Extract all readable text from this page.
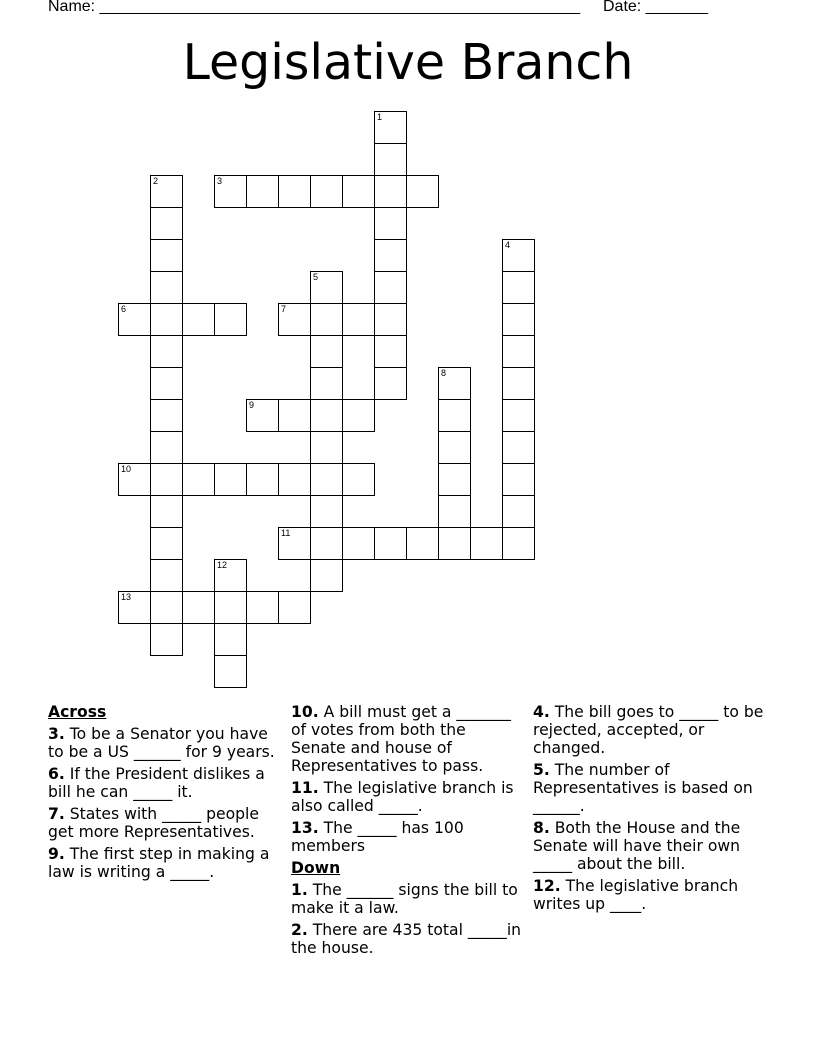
Name: ______________________________________________________ Date: _______
Legislative Branch
1
2	3
4
5
6	7
8
9
10
11
12
13
Across
3. To be a Senator you have to be a US ______ for 9 years.
6. If the President dislikes a bill he can _____ it.
7. States with _____ people get more Representatives.
9. The first step in making a law is writing a _____.
10. A bill must get a _______ of votes from both the Senate and house of Representatives to pass.
11. The legislative branch is also called _____.
13. The _____ has 100 members
Down
1. The ______ signs the bill to make it a law.
2. There are 435 total _____in the house.
4. The bill goes to _____ to be rejected, accepted, or changed.
5. The number of Representatives is based on ______.
8. Both the House and the Senate will have their own _____ about the bill.
12. The legislative branch writes up ____.
